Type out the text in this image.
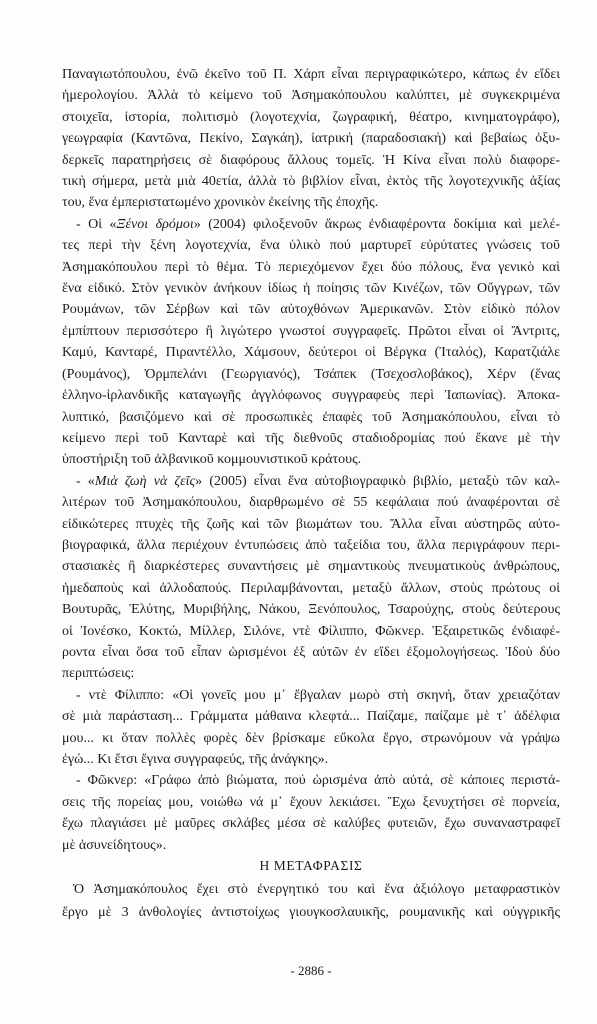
Παναγιωτόπουλου, ἐνῶ ἐκεῖνο τοῦ Π. Χάρπ εἶναι περιγραφικώτερο, κάπως ἐν εἴδει
ἡμερολογίου. Ἀλλὰ τὸ κείμενο τοῦ Ἀσημακόπουλου καλύπτει, μὲ συγκεκριμένα
στοιχεῖα, ἱστορία, πολιτισμὸ (λογοτεχνία, ζωγραφική, θέατρο, κινηματογράφο),
γεωγραφία (Καντῶνα, Πεκίνο, Σαγκάη), ἰατρική (παραδοσιακή) καὶ βεβαίως ὀξυ-
δερκεῖς παρατηρήσεις σὲ διαφόρους ἄλλους τομεῖς. Ἡ Κίνα εἶναι πολὺ διαφορε-
τικὴ σήμερα, μετὰ μιὰ 40ετία, ἀλλὰ τὸ βιβλίον εἶναι, ἐκτὸς τῆς λογοτεχνικῆς ἀξίας
του, ἕνα ἐμπεριστατωμένο χρονικὸν ἐκείνης τῆς ἐποχῆς.
- Οἱ «Ξένοι δρόμοι» (2004) φιλοξενοῦν ἄκρως ἐνδιαφέροντα δοκίμια καὶ μελέ-
τες περὶ τὴν ξένη λογοτεχνία, ἕνα ὑλικὸ πού μαρτυρεῖ εὐρύτατες γνώσεις τοῦ
Ἀσημακόπουλου περὶ τὸ θέμα. Τὸ περιεχόμενον ἔχει δύο πόλους, ἕνα γενικὸ καὶ
ἕνα εἰδικό. Στὸν γενικὸν ἀνήκουν ἰδίως ἡ ποίησις τῶν Κινέζων, τῶν Οὔγγρων, τῶν
Ρουμάνων, τῶν Σέρβων καὶ τῶν αὐτοχθόνων Ἀμερικανῶν. Στὸν εἰδικὸ πόλον
ἐμπίπτουν περισσότερο ἢ λιγώτερο γνωστοί συγγραφεῖς. Πρῶτοι εἶναι οἱ Ἄντριτς,
Καμύ, Κανταρέ, Πιραντέλλο, Χάμσουν, δεύτεροι οἱ Βέργκα (Ἰταλός), Καρατζιάλε
(Ρουμάνος), Ὀρμπελάνι (Γεωργιανός), Τσάπεκ (Τσεχοσλοβάκος), Χέρν (ἕνας
ἑλληνο-ἰρλανδικῆς καταγωγῆς ἀγγλόφωνος συγγραφεὺς περὶ Ἰαπωνίας). Ἀποκα-
λυπτικό, βασιζόμενο καὶ σὲ προσωπικὲς ἐπαφὲς τοῦ Ἀσημακόπουλου, εἶναι τὸ
κείμενο περὶ τοῦ Κανταρὲ καὶ τῆς διεθνοῦς σταδιοδρομίας πού ἔκανε μὲ τὴν
ὑποστήριξη τοῦ ἀλβανικοῦ κομμουνιστικοῦ κράτους.
- «Μιὰ ζωὴ νὰ ζεῖς» (2005) εἶναι ἕνα αὐτοβιογραφικὸ βιβλίο, μεταξὺ τῶν καλ-
λιτέρων τοῦ Ἀσημακόπουλου, διαρθρωμένο σὲ 55 κεφάλαια πού ἀναφέρονται σὲ
εἰδικώτερες πτυχὲς τῆς ζωῆς καὶ τῶν βιωμάτων του. Ἄλλα εἶναι αὐστηρῶς αὐτο-
βιογραφικά, ἄλλα περιέχουν ἐντυπώσεις ἀπὸ ταξείδια του, ἄλλα περιγράφουν περι-
στασιακὲς ἢ διαρκέστερες συναντήσεις μὲ σημαντικοὺς πνευματικοὺς ἀνθρώπους,
ἡμεδαποὺς καὶ ἀλλοδαπούς. Περιλαμβάνονται, μεταξὺ ἄλλων, στοὺς πρώτους οἱ
Βουτυρᾶς, Ἐλύτης, Μυριβήλης, Νάκου, Ξενόπουλος, Τσαρούχης, στοὺς δεύτερους
οἱ Ἰονέσκο, Κοκτώ, Μίλλερ, Σιλόνε, ντὲ Φίλιππο, Φῶκνερ. Ἐξαιρετικῶς ἐνδιαφέ-
ροντα εἶναι ὅσα τοῦ εἶπαν ὡρισμένοι ἐξ αὐτῶν ἐν εἴδει ἐξομολογήσεως. Ἰδοὺ δύο
περιπτώσεις:
- ντὲ Φίλιππο: «Οἱ γονεῖς μου μ᾿ ἔβγαλαν μωρὸ στὴ σκηνή, ὅταν χρειαζόταν
σὲ μιὰ παράσταση... Γράμματα μάθαινα κλεφτά... Παίζαμε, παίζαμε μὲ τ᾿ ἀδέλφια
μου... κι ὅταν πολλὲς φορὲς δὲν βρίσκαμε εὔκολα ἔργο, στρωνόμουν νὰ γράψω
ἐγώ... Κι ἔτσι ἔγινα συγγραφεύς, τῆς ἀνάγκης».
- Φῶκνερ: «Γράφω ἀπὸ βιώματα, πού ὡρισμένα ἀπὸ αὐτά, σὲ κάποιες περιστά-
σεις τῆς πορείας μου, νοιώθω νά μ᾿ ἔχουν λεκιάσει. Ἔχω ξενυχτήσει σὲ πορνεία,
ἔχω πλαγιάσει μὲ μαῦρες σκλάβες μέσα σὲ καλύβες φυτειῶν, ἔχω συναναστραφεῖ
μὲ ἀσυνείδητους».
Η ΜΕΤΑΦΡΑΣΙΣ
Ὁ Ἀσημακόπουλος ἔχει στὸ ἐνεργητικό του καὶ ἕνα ἀξιόλογο μεταφραστικὸν
ἔργο μὲ 3 ἀνθολογίες ἀντιστοίχως γιουγκοσλαυικῆς, ρουμανικῆς καὶ οὐγγρικῆς
- 2886 -
